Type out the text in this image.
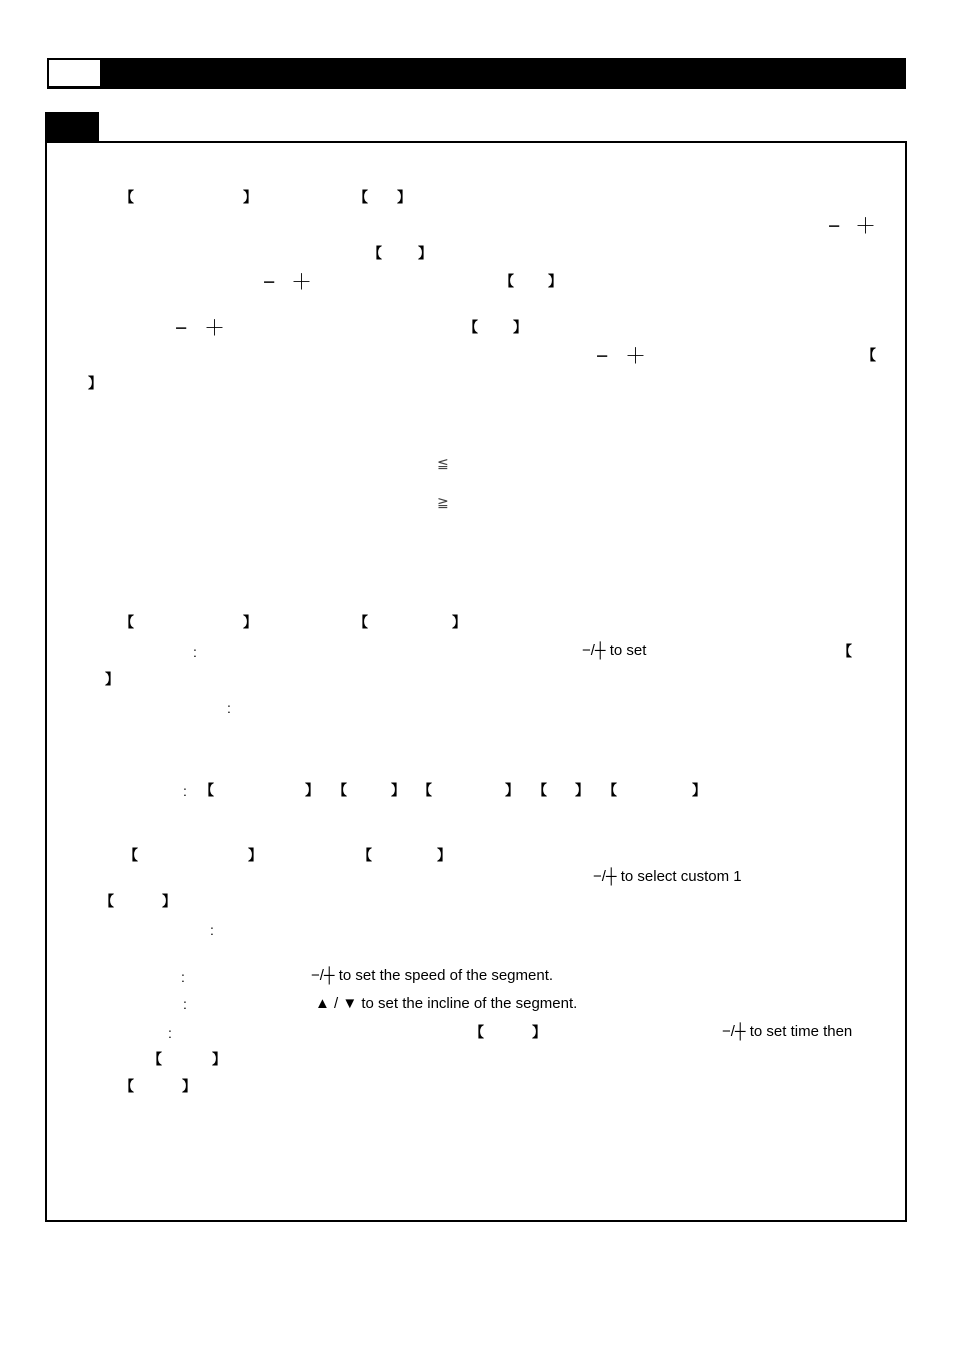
【	】	【 】
− ＋
【	】
− ＋	【 】
− ＋	【	】
− ＋	【
】
≦
≧
【	】	【	】
:	−/┼ to set	【
】
:
: 【	】 【	】 【	】 【 】 【	】
【	】	【	】
−/┼ to select custom 1
【	】
:
:	−/┼ to set the speed of the segment.
:	▲ / ▼ to set the incline of the segment.
:	【	】	−/┼ to set time then
【	】
【	】
